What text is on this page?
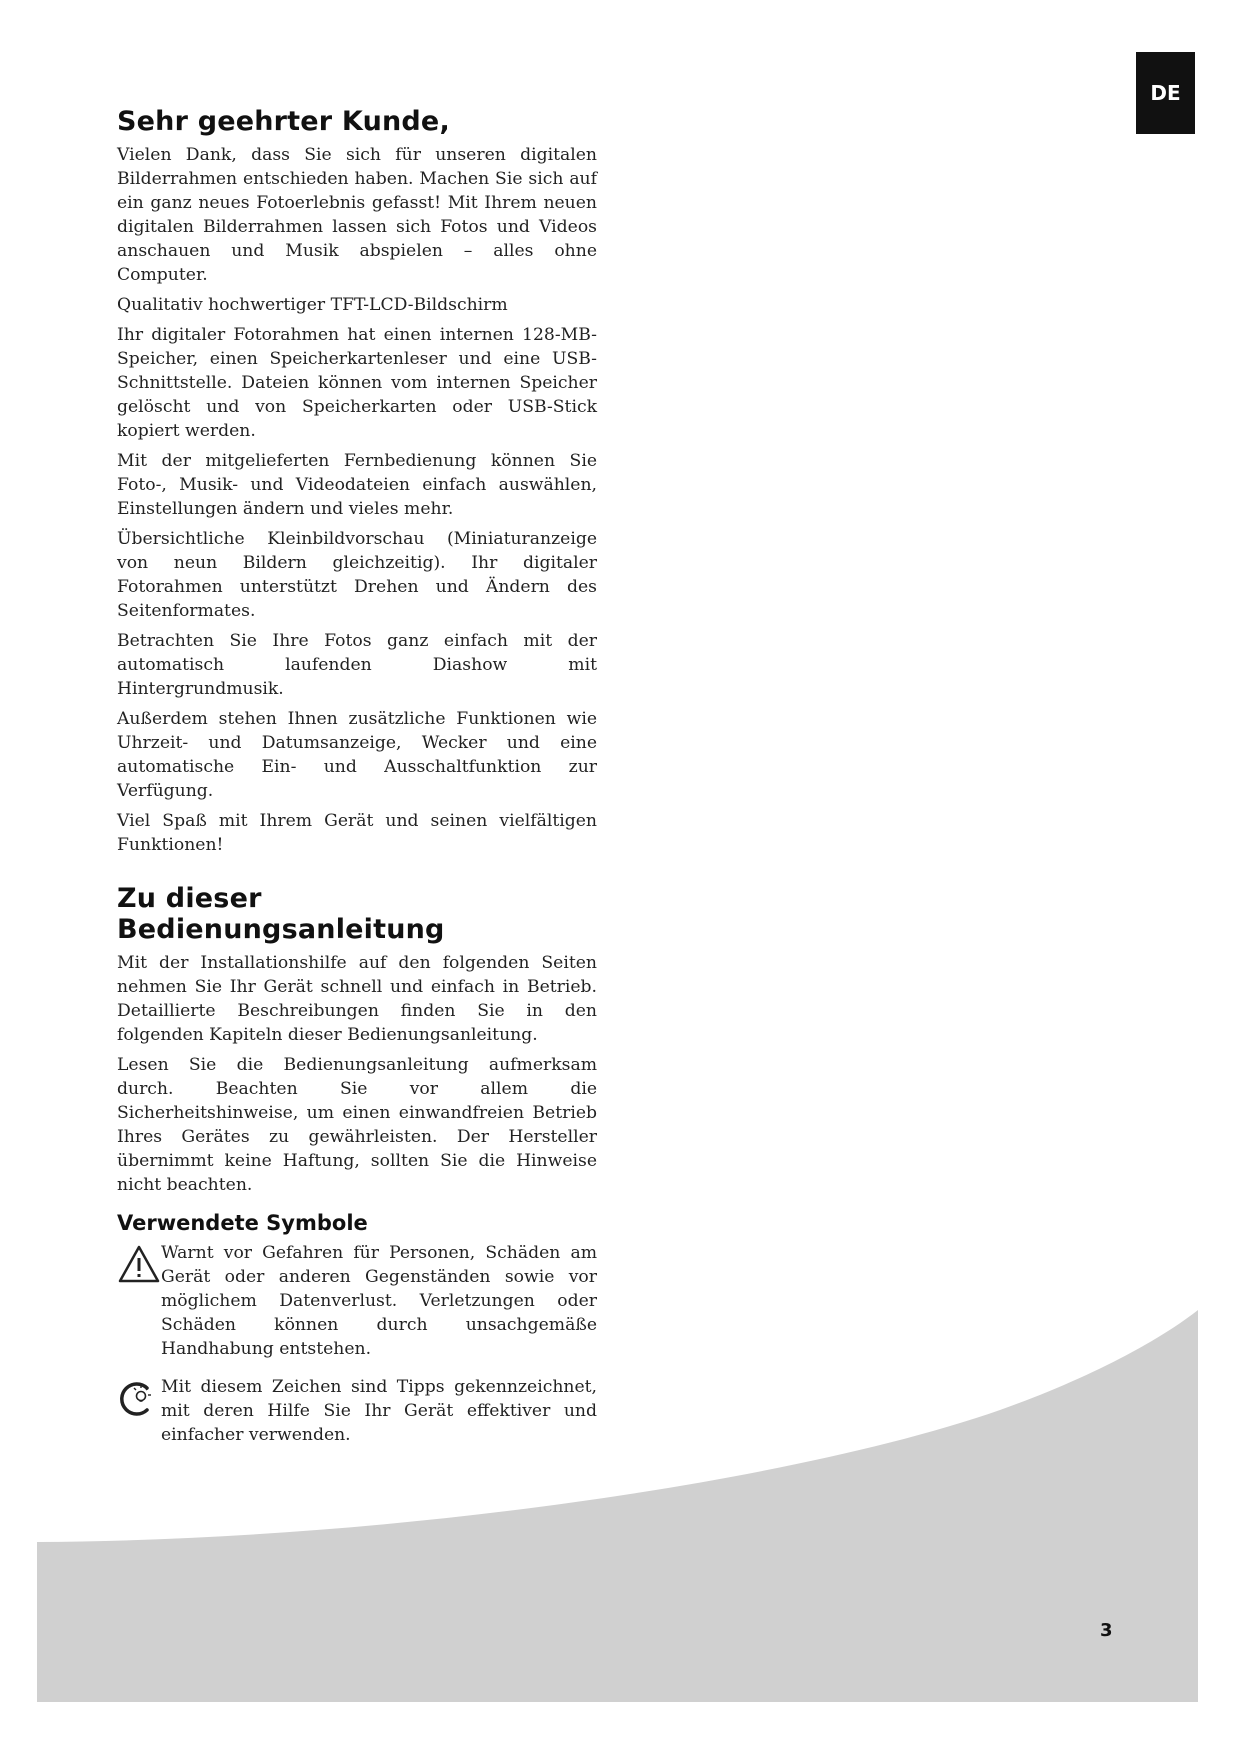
DE
Sehr geehrter Kunde,

Vielen Dank, dass Sie sich für unseren digitalen Bilderrahmen entschieden haben. Machen Sie sich auf ein ganz neues Fotoerlebnis gefasst! Mit Ihrem neuen digitalen Bilderrahmen lassen sich Fotos und Videos anschauen und Musik abspielen – alles ohne Computer.

Qualitativ hochwertiger TFT-LCD-Bildschirm

Ihr digitaler Fotorahmen hat einen internen 128-MB-Speicher, einen Speicherkartenleser und eine USB-Schnittstelle. Dateien können vom internen Speicher gelöscht und von Speicherkarten oder USB-Stick kopiert werden.

Mit der mitgelieferten Fernbedienung können Sie Foto-, Musik- und Videodateien einfach auswählen, Einstellungen ändern und vieles mehr.

Übersichtliche Kleinbildvorschau (Miniaturanzeige von neun Bildern gleichzeitig). Ihr digitaler Fotorahmen unterstützt Drehen und Ändern des Seitenformates.

Betrachten Sie Ihre Fotos ganz einfach mit der automatisch laufenden Diashow mit Hintergrundmusik.

Außerdem stehen Ihnen zusätzliche Funktionen wie Uhrzeit- und Datumsanzeige, Wecker und eine automatische Ein- und Ausschaltfunktion zur Verfügung.

Viel Spaß mit Ihrem Gerät und seinen vielfältigen Funktionen!

Zu dieser Bedienungsanleitung

Mit der Installationshilfe auf den folgenden Seiten nehmen Sie Ihr Gerät schnell und einfach in Betrieb. Detaillierte Beschreibungen finden Sie in den folgenden Kapiteln dieser Bedienungsanleitung.

Lesen Sie die Bedienungsanleitung aufmerksam durch. Beachten Sie vor allem die Sicherheitshinweise, um einen einwandfreien Betrieb Ihres Gerätes zu gewährleisten. Der Hersteller übernimmt keine Haftung, sollten Sie die Hinweise nicht beachten.

Verwendete Symbole

Warnt vor Gefahren für Personen, Schäden am Gerät oder anderen Gegenständen sowie vor möglichem Datenverlust. Verletzungen oder Schäden können durch unsachgemäße Handhabung entstehen.

Mit diesem Zeichen sind Tipps gekennzeichnet, mit deren Hilfe Sie Ihr Gerät effektiver und einfacher verwenden.

3
